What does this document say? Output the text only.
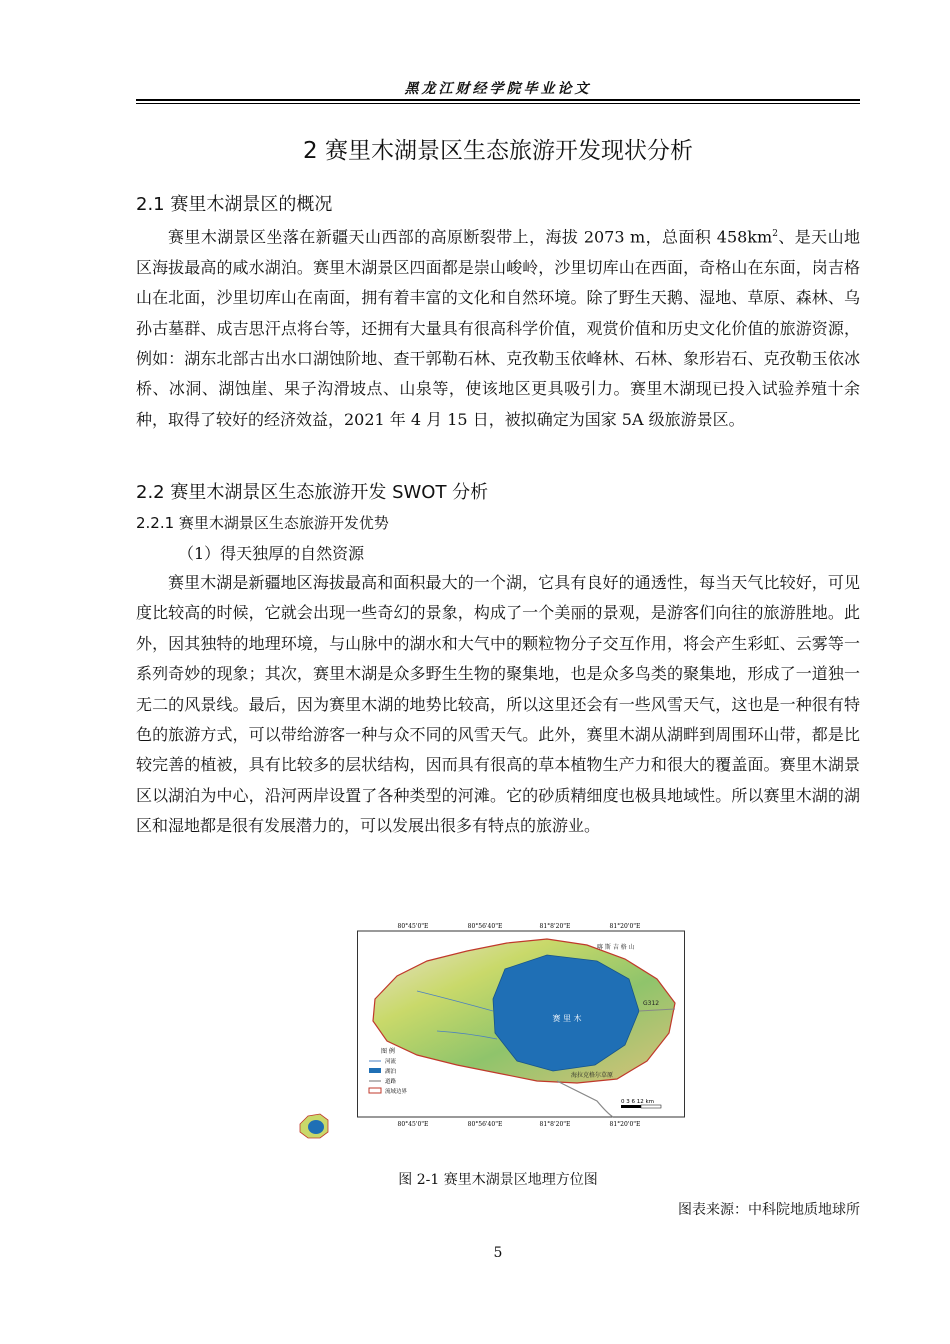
黑龙江财经学院毕业论文
2 赛里木湖景区生态旅游开发现状分析
2.1 赛里木湖景区的概况

赛里木湖景区坐落在新疆天山西部的高原断裂带上，海拔 2073 m，总面积 $458km^2$、是天山地区海拔最高的咸水湖泊。赛里木湖景区四面都是崇山峻岭，沙里切库山在西面，奇格山在东面，岗吉格山在北面，沙里切库山在南面，拥有着丰富的文化和自然环境。除了野生天鹅、湿地、草原、森林、乌孙古墓群、成吉思汗点将台等，还拥有大量具有很高科学价值，观赏价值和历史文化价值的旅游资源，例如：湖东北部古出水口湖蚀阶地、查干郭勒石林、克孜勒玉依峰林、石林、象形岩石、克孜勒玉依冰桥、冰洞、湖蚀崖、果子沟滑坡点、山泉等，使该地区更具吸引力。赛里木湖现已投入试验养殖十余种，取得了较好的经济效益，2021 年 4 月 15 日，被拟确定为国家 5A 级旅游景区。

2.2 赛里木湖景区生态旅游开发 SWOT 分析
2.2.1 赛里木湖景区生态旅游开发优势
（1）得天独厚的自然资源

赛里木湖是新疆地区海拔最高和面积最大的一个湖，它具有良好的通透性，每当天气比较好，可见度比较高的时候，它就会出现一些奇幻的景象，构成了一个美丽的景观，是游客们向往的旅游胜地。此外，因其独特的地理环境，与山脉中的湖水和大气中的颗粒物分子交互作用，将会产生彩虹、云雾等一系列奇妙的现象；其次，赛里木湖是众多野生生物的聚集地，也是众多鸟类的聚集地，形成了一道独一无二的风景线。最后，因为赛里木湖的地势比较高，所以这里还会有一些风雪天气，这也是一种很有特色的旅游方式，可以带给游客一种与众不同的风雪天气。此外，赛里木湖从湖畔到周围环山带，都是比较完善的植被，具有比较多的层状结构，因而具有很高的草本植物生产力和很大的覆盖面。赛里木湖景区以湖泊为中心，沿河两岸设置了各种类型的河滩。它的砂质精细度也极具地域性。所以赛里木湖的湖区和湿地都是很有发展潜力的，可以发展出很多有特点的旅游业。

80°45'0"E	80°56'40"E	81°8'20"E	81°20'0"E
80°45'0"E	80°56'40"E	81°8'20"E	81°20'0"E
赛 里 木
喀 斯 吉 格 山
G312
海拉克格尔草原
图 例
河流
湖泊
道路
流域边界
0 3 6 12 km
图 2-1 赛里木湖景区地理方位图
图表来源：中科院地质地球所
5
